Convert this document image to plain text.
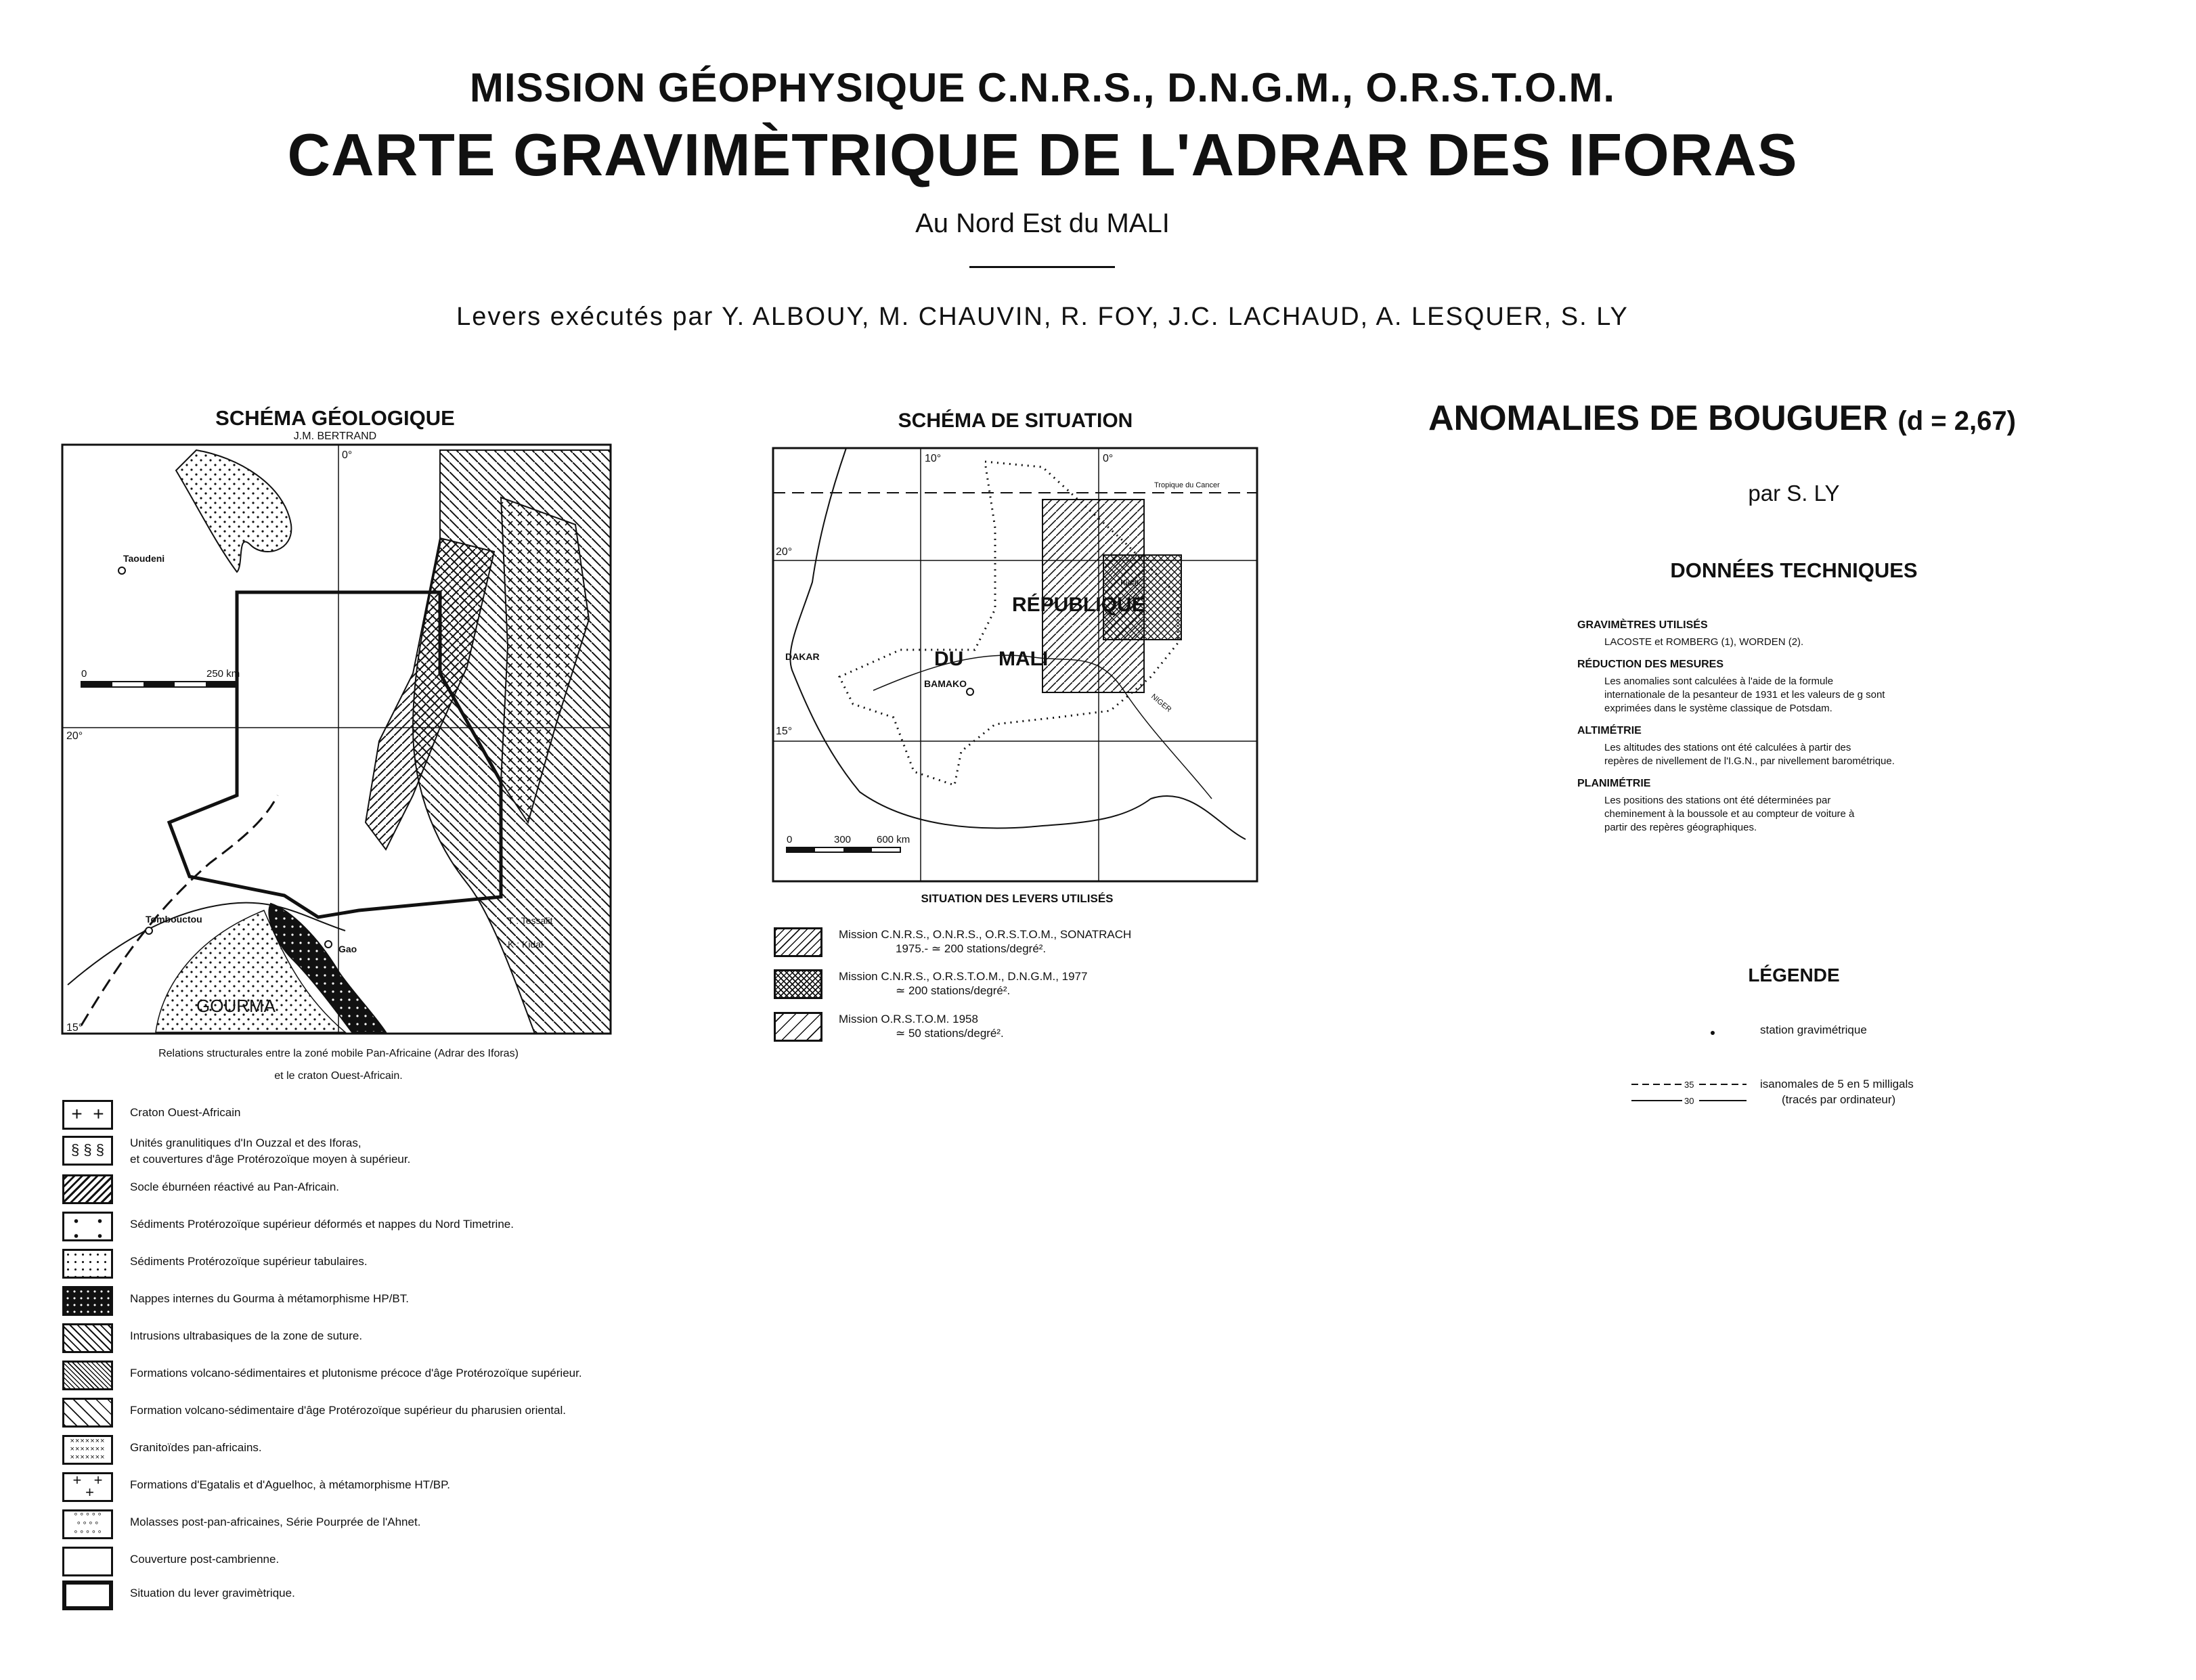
MISSION GÉOPHYSIQUE C.N.R.S., D.N.G.M., O.R.S.T.O.M.
CARTE GRAVIMÈTRIQUE DE L'ADRAR DES IFORAS
Au Nord Est du MALI
Levers exécutés par Y. ALBOUY, M. CHAUVIN, R. FOY, J.C. LACHAUD, A. LESQUER, S. LY
SCHÉMA GÉOLOGIQUE
J.M. BERTRAND
Taoudeni
Tombouctou
Gao
GOURMA
0°
20°
15°
0	250 km
T : Tessalit
K : Kidal
Relations structurales entre la zoné mobile Pan-Africaine (Adrar des Iforas)
et le craton Ouest-Africain.
+  +	Craton Ouest-Africain
§ § §	Unités granulitiques d'In Ouzzal et des Iforas,
et couvertures d'âge Protérozoïque moyen à supérieur.
Socle éburnéen réactivé au Pan-Africain.
Sédiments Protérozoïque supérieur déformés et nappes du Nord Timetrine.
Sédiments Protérozoïque supérieur tabulaires.
Nappes internes du Gourma à métamorphisme HP/BT.
Intrusions ultrabasiques de la zone de suture.
Formations volcano-sédimentaires et plutonisme précoce d'âge Protérozoïque supérieur.
Formation volcano-sédimentaire d'âge Protérozoïque supérieur du pharusien oriental.
×××××××
×××××××
×××××××
Granitoïdes pan-africains.
+   +
+	Formations d'Egatalis et d'Aguelhoc, à métamorphisme HT/BP.
° ° ° ° °
° ° ° °
° ° ° ° °
Molasses post-pan-africaines, Série Pourprée de l'Ahnet.
Couverture post-cambrienne.
Situation du lever gravimètrique.
SCHÉMA DE SITUATION
Tropique du Cancer
10°	0°
20°
15°
NIGER
RÉPUBLIQUE
DU MALI
DAKAR
BAMAKO
Kidal
0	300	600 km
SITUATION DES LEVERS UTILISÉS
Mission C.N.R.S., O.N.R.S., O.R.S.T.O.M., SONATRACH
1975.- ≃ 200 stations/degré².
Mission C.N.R.S., O.R.S.T.O.M., D.N.G.M., 1977
≃ 200 stations/degré².
Mission O.R.S.T.O.M. 1958
≃ 50 stations/degré².
ANOMALIES DE BOUGUER (d = 2,67)
par S. LY
DONNÉES TECHNIQUES
GRAVIMÈTRES UTILISÉS

LACOSTE et ROMBERG (1), WORDEN (2).

RÉDUCTION DES MESURES

Les anomalies sont calculées à l'aide de la formule
internationale de la pesanteur de 1931 et les valeurs de g sont
exprimées dans le système classique de Potsdam.

ALTIMÉTRIE

Les altitudes des stations ont été calculées à partir des
repères de nivellement de l'I.G.N., par nivellement barométrique.

PLANIMÉTRIE

Les positions des stations ont été déterminées par
cheminement à la boussole et au compteur de voiture à
partir des repères géographiques.

LÉGENDE
station gravimétrique
35
30
isanomales de 5 en 5 milligals
(tracés par ordinateur)
